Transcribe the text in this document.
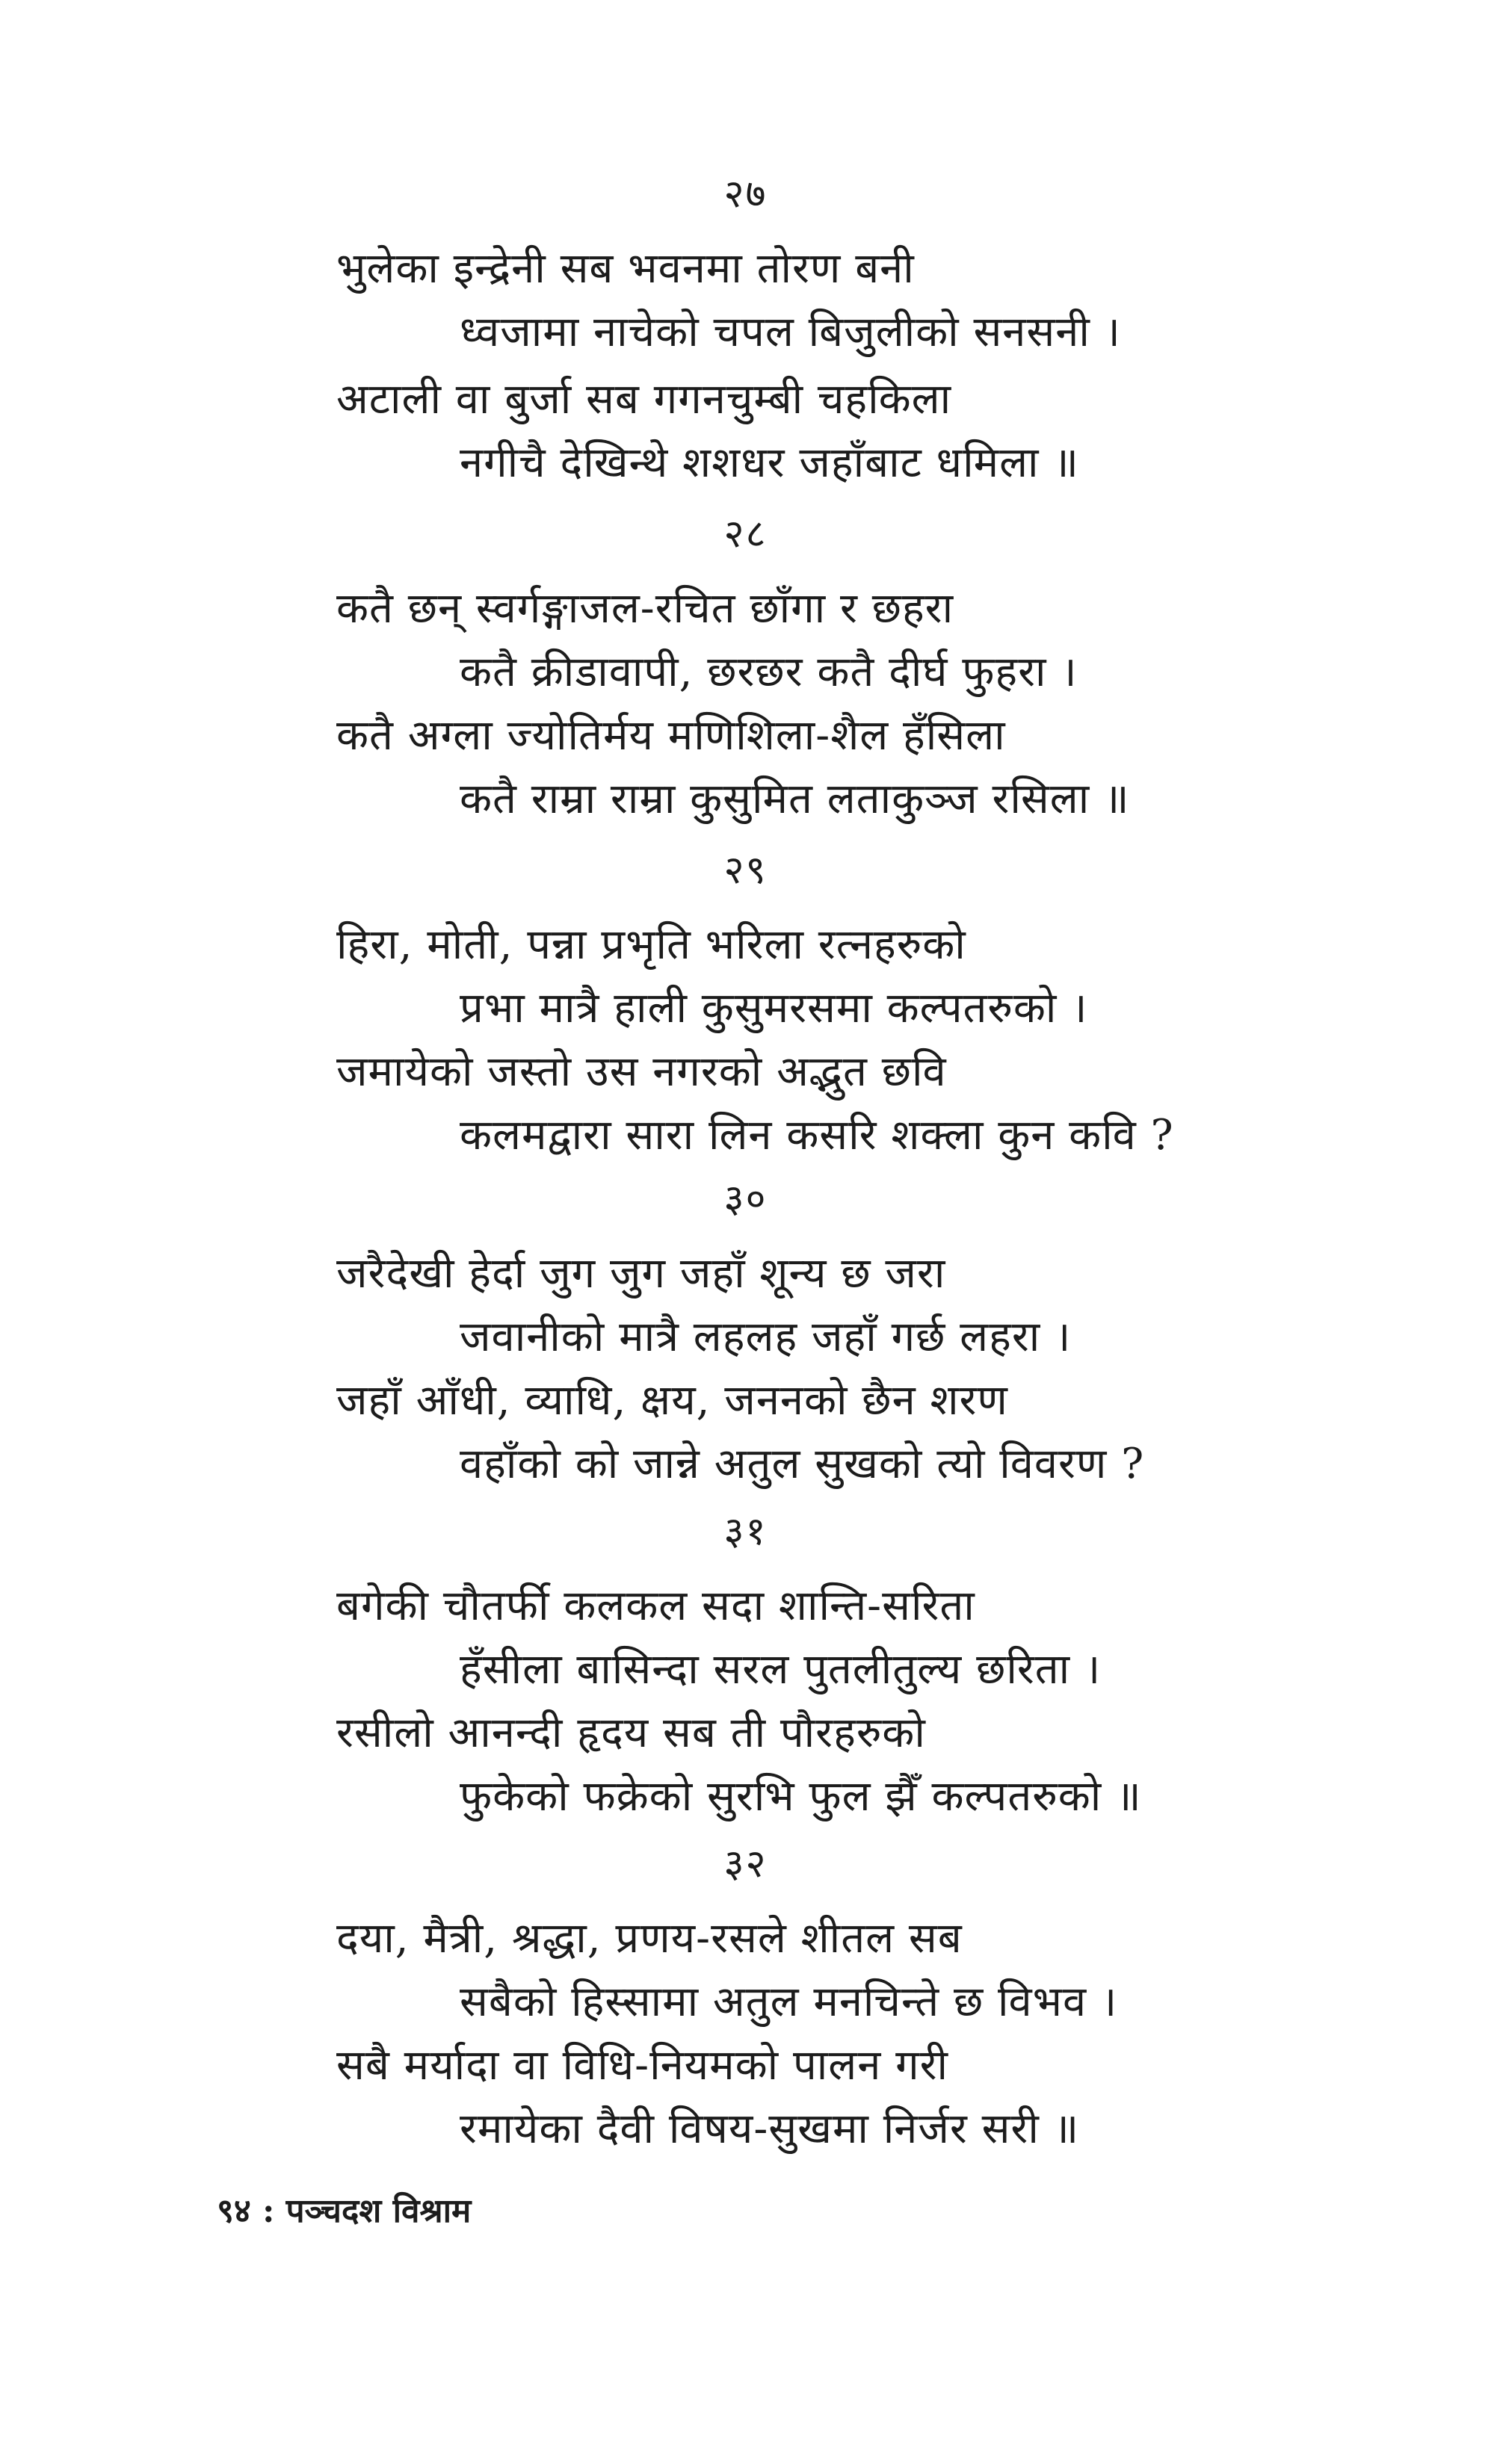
२७
भुलेका इन्द्रेनी सब भवनमा तोरण बनी
ध्वजामा नाचेको चपल बिजुलीको सनसनी ।
अटाली वा बुर्जा सब गगनचुम्बी चहकिला
नगीचै देखिन्थे शशधर जहाँबाट धमिला ॥
२८
कतै छन् स्वर्गङ्गाजल-रचित छाँगा र छहरा
कतै क्रीडावापी, छरछर कतै दीर्घ फुहरा ।
कतै अग्ला ज्योतिर्मय मणिशिला-शैल हँसिला
कतै राम्रा राम्रा कुसुमित लताकुञ्ज रसिला ॥
२९
हिरा, मोती, पन्ना प्रभृति भरिला रत्नहरुको
प्रभा मात्रै हाली कुसुमरसमा कल्पतरुको ।
जमायेको जस्तो उस नगरको अद्भुत छवि
कलमद्वारा सारा लिन कसरि शक्ला कुन कवि ?
३०
जरैदेखी हेर्दा जुग जुग जहाँ शून्य छ जरा
जवानीको मात्रै लहलह जहाँ गर्छ लहरा ।
जहाँ आँधी, व्याधि, क्षय, जननको छैन शरण
वहाँको को जान्ने अतुल सुखको त्यो विवरण ?
३१
बगेकी चौतर्फी कलकल सदा शान्ति-सरिता
हँसीला बासिन्दा सरल पुतलीतुल्य छरिता ।
रसीलो आनन्दी हृदय सब ती पौरहरुको
फुकेको फक्रेको सुरभि फुल झैँ कल्पतरुको ॥
३२
दया, मैत्री, श्रद्धा, प्रणय-रसले शीतल सब
सबैको हिस्सामा अतुल मनचिन्ते छ विभव ।
सबै मर्यादा वा विधि-नियमको पालन गरी
रमायेका दैवी विषय-सुखमा निर्जर सरी ॥
९४ : पञ्चदश विश्राम
